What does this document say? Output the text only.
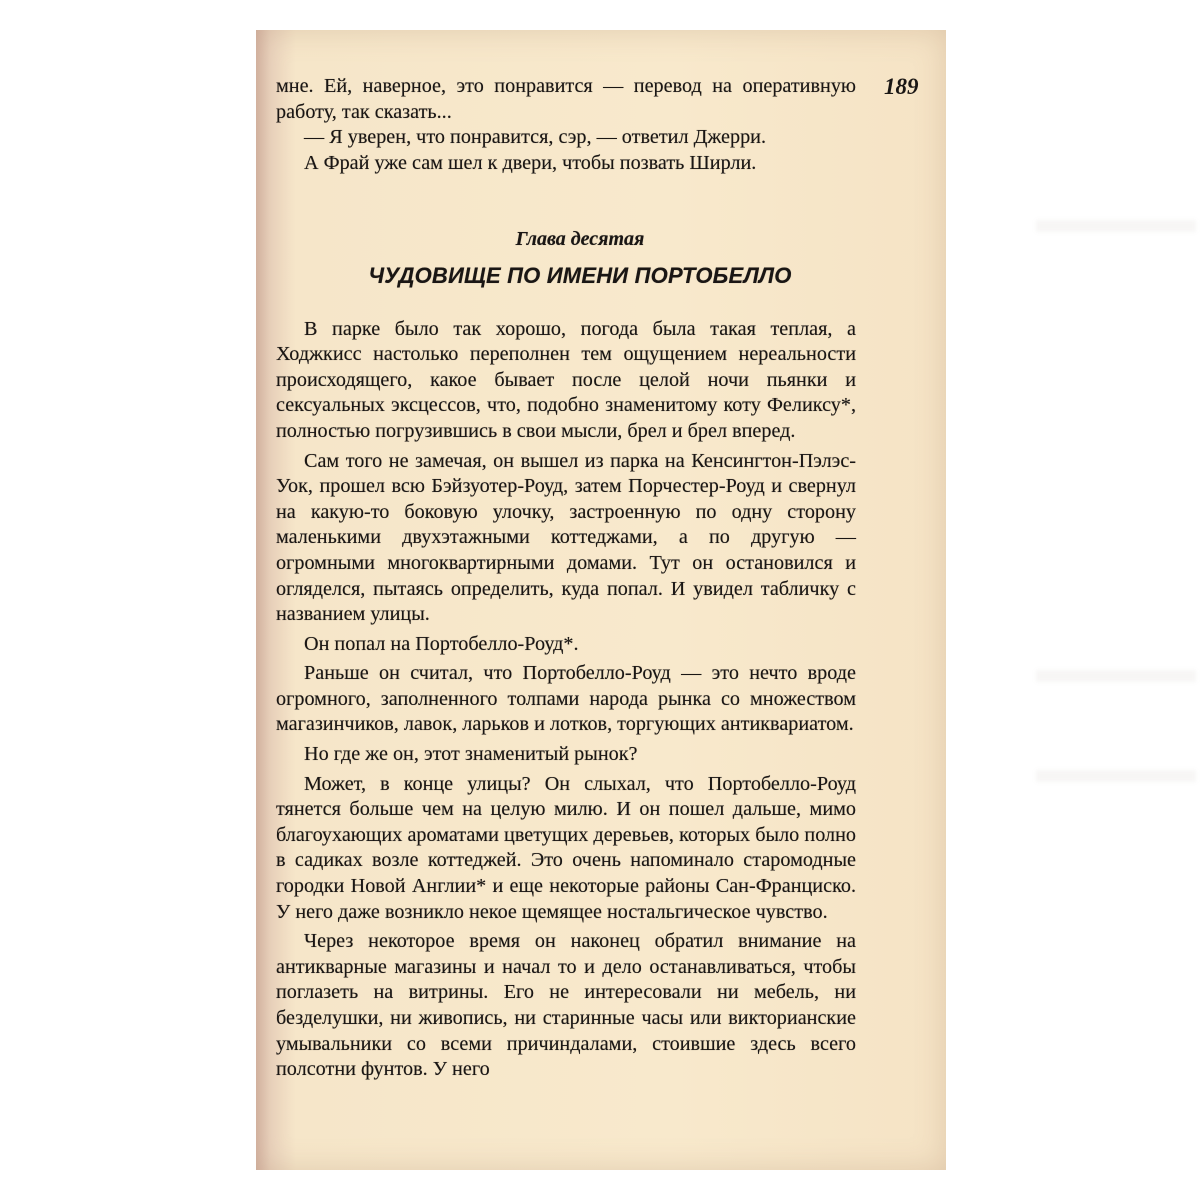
189

мне. Ей, наверное, это понравится — перевод на оперативную работу, так сказать...

— Я уверен, что понравится, сэр, — ответил Джерри.

А Фрай уже сам шел к двери, чтобы позвать Ширли.

Глава десятая

ЧУДОВИЩЕ ПО ИМЕНИ ПОРТОБЕЛЛО

В парке было так хорошо, погода была такая теплая, а Ходжкисс настолько переполнен тем ощущением нереальности происходящего, какое бывает после целой ночи пьянки и сексуальных эксцессов, что, подобно знаменитому коту Феликсу*, полностью погрузившись в свои мысли, брел и брел вперед.

Сам того не замечая, он вышел из парка на Кенсингтон-Пэлэс-Уок, прошел всю Бэйзуотер-Роуд, затем Порчестер-Роуд и свернул на какую-то боковую улочку, застроенную по одну сторону маленькими двухэтажными коттеджами, а по другую — огромными многоквартирными домами. Тут он остановился и огляделся, пытаясь определить, куда попал. И увидел табличку с названием улицы.

Он попал на Портобелло-Роуд*.

Раньше он считал, что Портобелло-Роуд — это нечто вроде огромного, заполненного толпами народа рынка со множеством магазинчиков, лавок, ларьков и лотков, торгующих антиквариатом.

Но где же он, этот знаменитый рынок?

Может, в конце улицы? Он слыхал, что Портобелло-Роуд тянется больше чем на целую милю. И он пошел дальше, мимо благоухающих ароматами цветущих деревьев, которых было полно в садиках возле коттеджей. Это очень напоминало старомодные городки Новой Англии* и еще некоторые районы Сан-Франциско. У него даже возникло некое щемящее ностальгическое чувство.

Через некоторое время он наконец обратил внимание на антикварные магазины и начал то и дело останавливаться, чтобы поглазеть на витрины. Его не интересовали ни мебель, ни безделушки, ни живопись, ни старинные часы или викторианские умывальники со всеми причиндалами, стоившие здесь всего полсотни фунтов. У него
